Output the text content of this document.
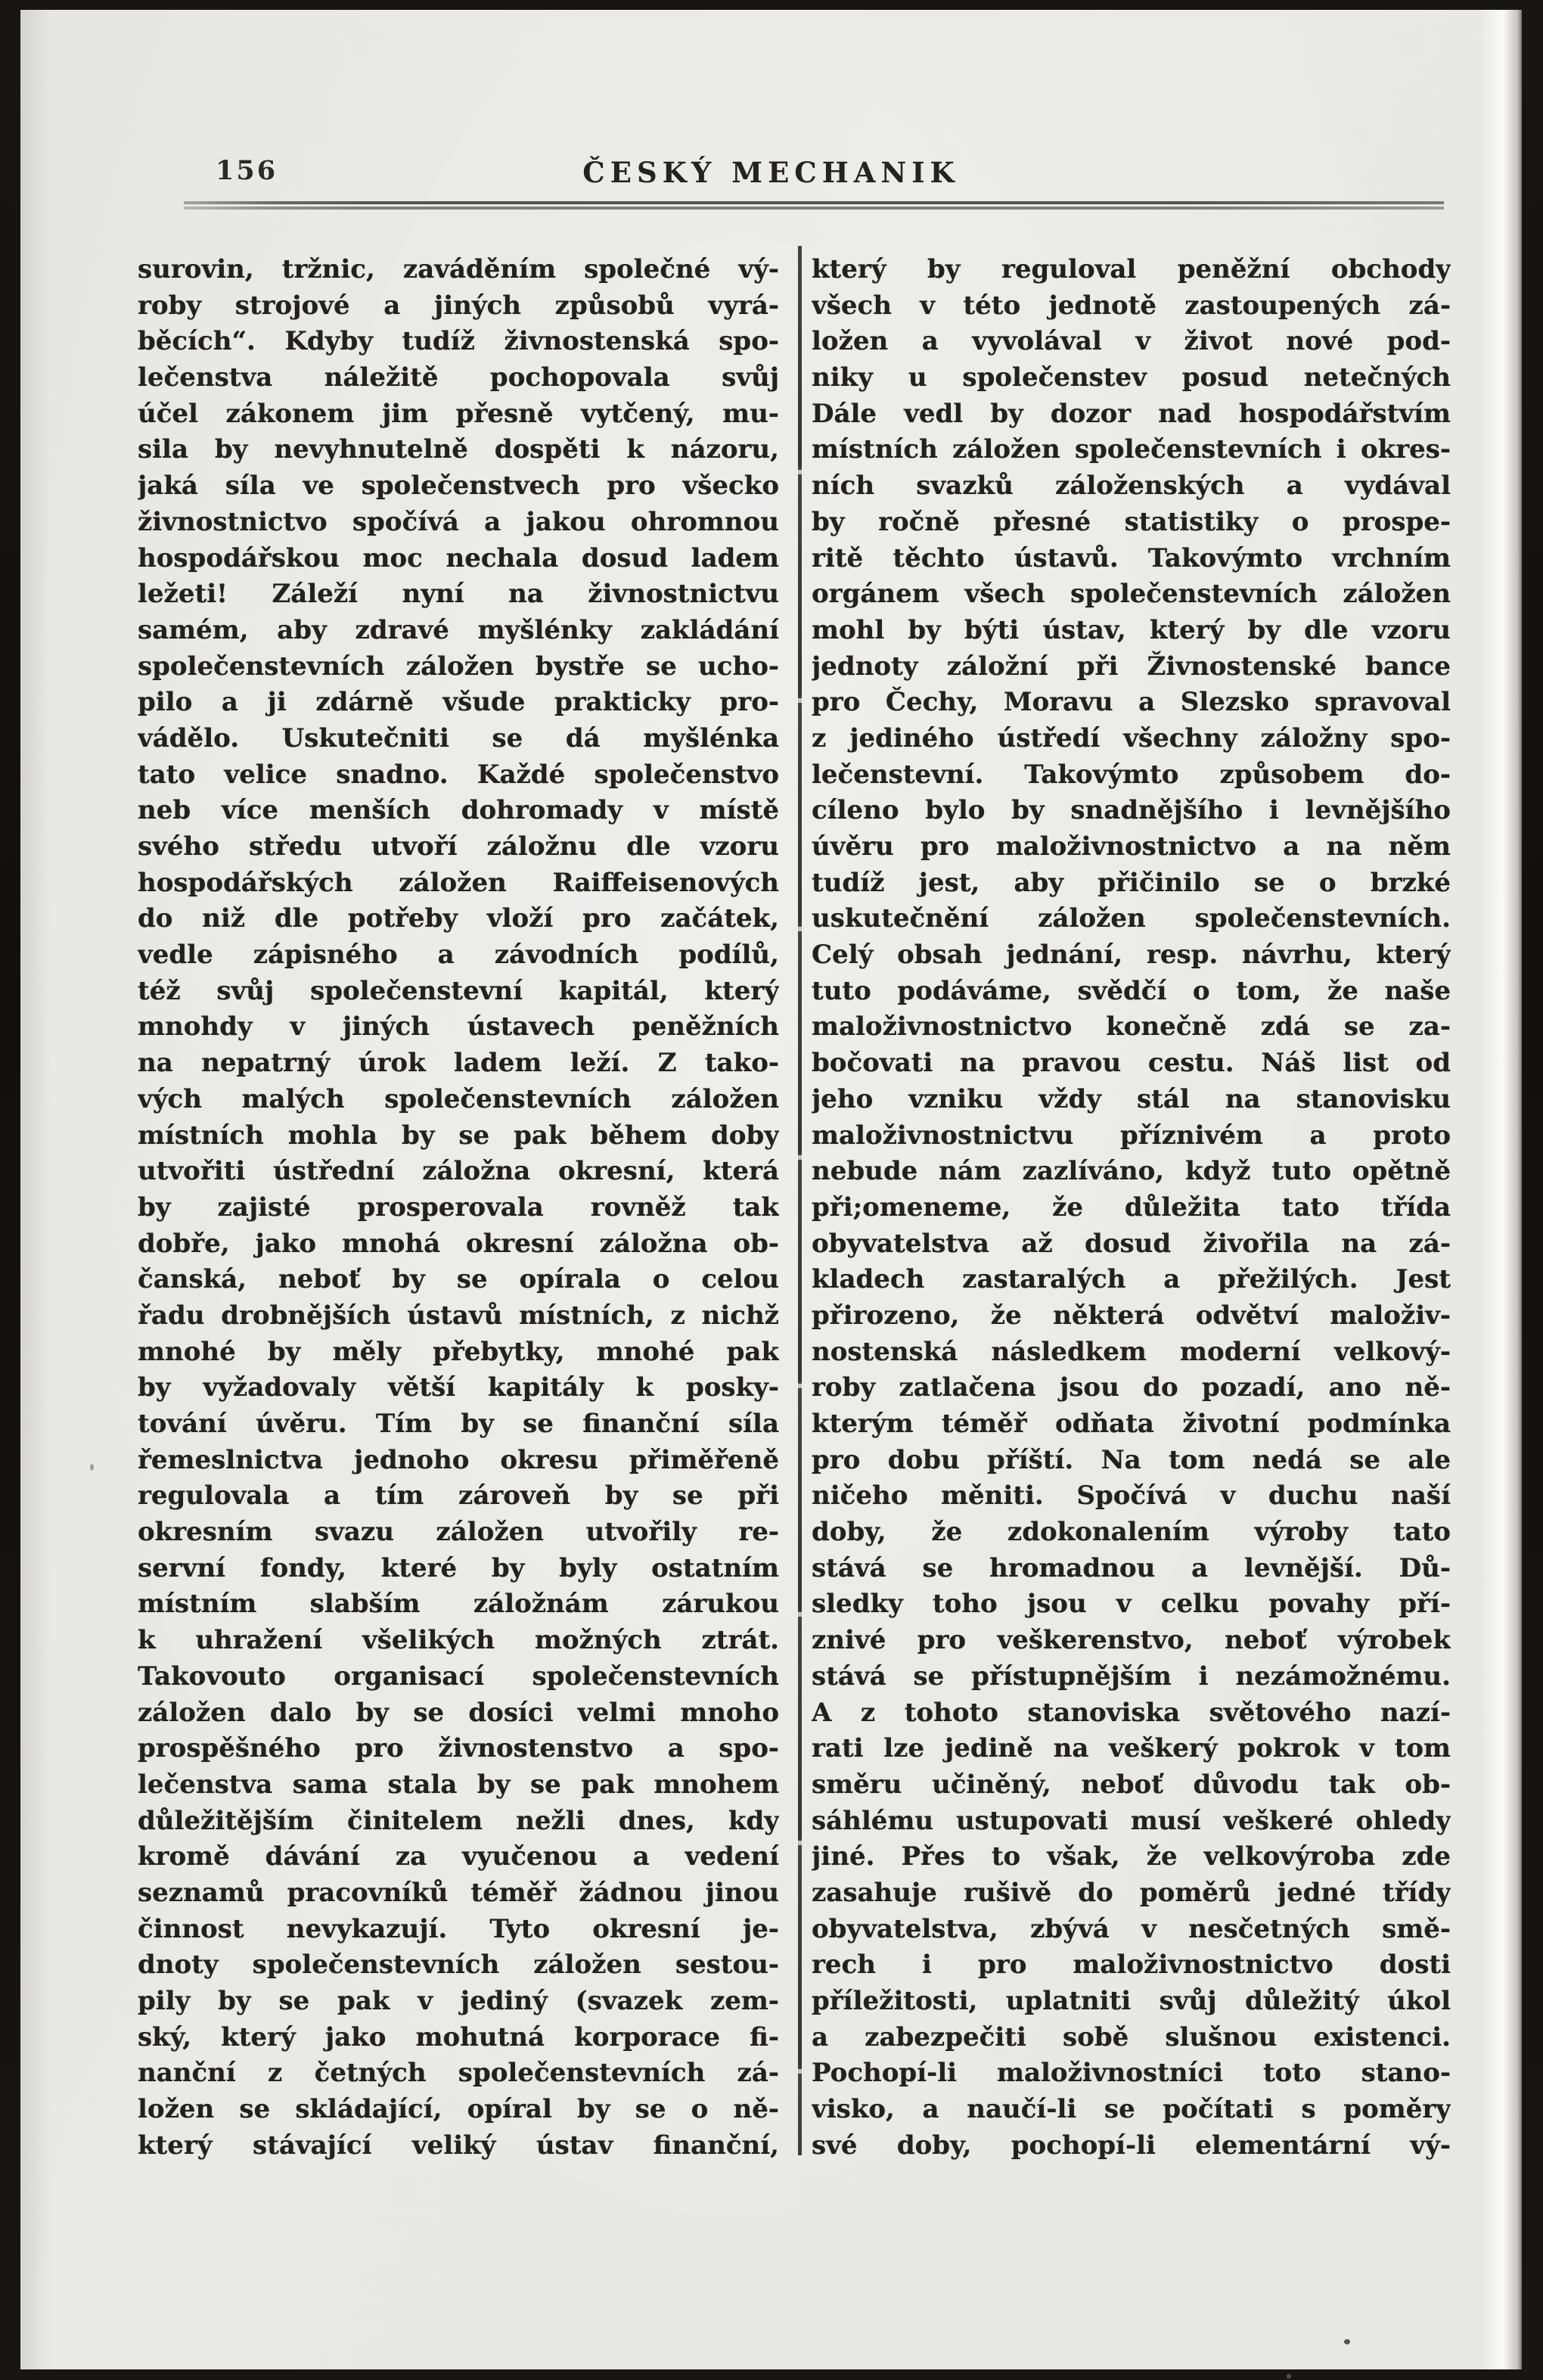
156	ČESKÝ MECHANIK
surovin, tržnic, zaváděním společné vý-
roby strojové a jiných způsobů vyrá-
běcích“. Kdyby tudíž živnostenská spo-
lečenstva náležitě pochopovala svůj
účel zákonem jim přesně vytčený, mu-
sila by nevyhnutelně dospěti k názoru,
jaká síla ve společenstvech pro všecko
živnostnictvo spočívá a jakou ohromnou
hospodářskou moc nechala dosud ladem
ležeti! Záleží nyní na živnostnictvu
samém, aby zdravé myšlénky zakládání
společenstevních záložen bystře se ucho-
pilo a ji zdárně všude prakticky pro-
vádělo. Uskutečniti se dá myšlénka
tato velice snadno. Každé společenstvo
neb více menších dohromady v místě
svého středu utvoří záložnu dle vzoru
hospodářských záložen Raiffeisenových
do niž dle potřeby vloží pro začátek,
vedle zápisného a závodních podílů,
též svůj společenstevní kapitál, který
mnohdy v jiných ústavech peněžních
na nepatrný úrok ladem leží. Z tako-
vých malých společenstevních záložen
místních mohla by se pak během doby
utvořiti ústřední záložna okresní, která
by zajisté prosperovala rovněž tak
dobře, jako mnohá okresní záložna ob-
čanská, neboť by se opírala o celou
řadu drobnějších ústavů místních, z nichž
mnohé by měly přebytky, mnohé pak
by vyžadovaly větší kapitály k posky-
tování úvěru. Tím by se finanční síla
řemeslnictva jednoho okresu přiměřeně
regulovala a tím zároveň by se při
okresním svazu záložen utvořily re-
servní fondy, které by byly ostatním
místním slabším záložnám zárukou
k uhražení všelikých možných ztrát.
Takovouto organisací společenstevních
záložen dalo by se dosíci velmi mnoho
prospěšného pro živnostenstvo a spo-
lečenstva sama stala by se pak mnohem
důležitějším činitelem nežli dnes, kdy
kromě dávání za vyučenou a vedení
seznamů pracovníků téměř žádnou jinou
činnost nevykazují. Tyto okresní je-
dnoty společenstevních záložen sestou-
pily by se pak v jediný (svazek zem-
ský, který jako mohutná korporace fi-
nanční z četných společenstevních zá-
ložen se skládající, opíral by se o ně-
který stávající veliký ústav finanční,
který by reguloval peněžní obchody
všech v této jednotě zastoupených zá-
ložen a vyvolával v život nové pod-
niky u společenstev posud netečných
Dále vedl by dozor nad hospodářstvím
místních záložen společenstevních i okres-
ních svazků záloženských a vydával
by ročně přesné statistiky o prospe-
ritě těchto ústavů. Takovýmto vrchním
orgánem všech společenstevních záložen
mohl by býti ústav, který by dle vzoru
jednoty záložní při Živnostenské bance
pro Čechy, Moravu a Slezsko spravoval
z jediného ústředí všechny záložny spo-
lečenstevní. Takovýmto způsobem do-
cíleno bylo by snadnějšího i levnějšího
úvěru pro maloživnostnictvo a na něm
tudíž jest, aby přičinilo se o brzké
uskutečnění záložen společenstevních.
Celý obsah jednání, resp. návrhu, který
tuto podáváme, svědčí o tom, že naše
maloživnostnictvo konečně zdá se za-
bočovati na pravou cestu. Náš list od
jeho vzniku vždy stál na stanovisku
maloživnostnictvu příznivém a proto
nebude nám zazlíváno, když tuto opětně
při;omeneme, že důležita tato třída
obyvatelstva až dosud živořila na zá-
kladech zastaralých a přežilých. Jest
přirozeno, že některá odvětví maloživ-
nostenská následkem moderní velkový-
roby zatlačena jsou do pozadí, ano ně-
kterým téměř odňata životní podmínka
pro dobu příští. Na tom nedá se ale
ničeho měniti. Spočívá v duchu naší
doby, že zdokonalením výroby tato
stává se hromadnou a levnější. Dů-
sledky toho jsou v celku povahy pří-
znivé pro veškerenstvo, neboť výrobek
stává se přístupnějším i nezámožnému.
A z tohoto stanoviska světového nazí-
rati lze jedině na veškerý pokrok v tom
směru učiněný, neboť důvodu tak ob-
sáhlému ustupovati musí veškeré ohledy
jiné. Přes to však, že velkovýroba zde
zasahuje rušivě do poměrů jedné třídy
obyvatelstva, zbývá v nesčetných smě-
rech i pro maloživnostnictvo dosti
příležitosti, uplatniti svůj důležitý úkol
a zabezpečiti sobě slušnou existenci.
Pochopí-li maloživnostníci toto stano-
visko, a naučí-li se počítati s poměry
své doby, pochopí-li elementární vý-
